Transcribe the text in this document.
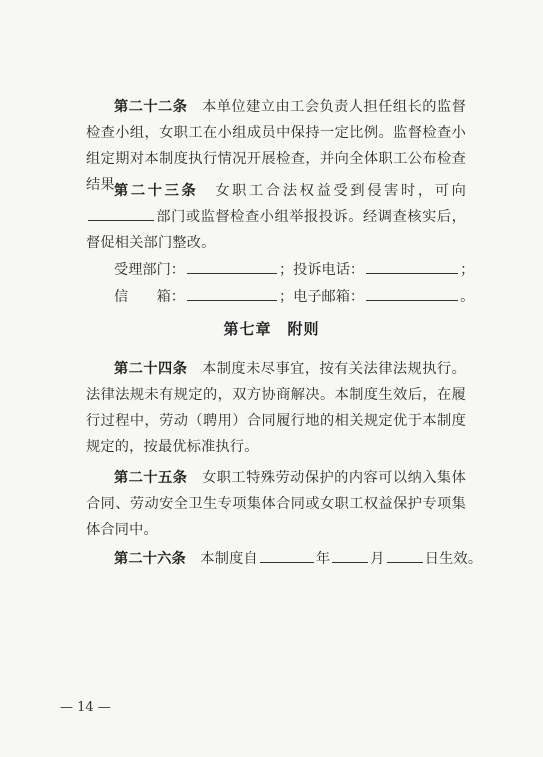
第二十二条　 本单位建立由工会负责人担任组长的监督检查小组，女职工在小组成员中保持一定比例。监督检查小组定期对本制度执行情况开展检查，并向全体职工公布检查结果。
第二十三条　 女职工合法权益受到侵害时，可向部门或监督检查小组举报投诉。经调查核实后，督促相关部门整改。
受理部门：	；投诉电话：	；
信　　箱：	；电子邮箱：	。
第七章　附则
第二十四条　 本制度未尽事宜，按有关法律法规执行。法律法规未有规定的，双方协商解决。本制度生效后，在履行过程中，劳动（聘用）合同履行地的相关规定优于本制度规定的，按最优标准执行。
第二十五条　 女职工特殊劳动保护的内容可以纳入集体合同、劳动安全卫生专项集体合同或女职工权益保护专项集体合同中。
第二十六条　 本制度自	年	月	日生效。
— 14 —
